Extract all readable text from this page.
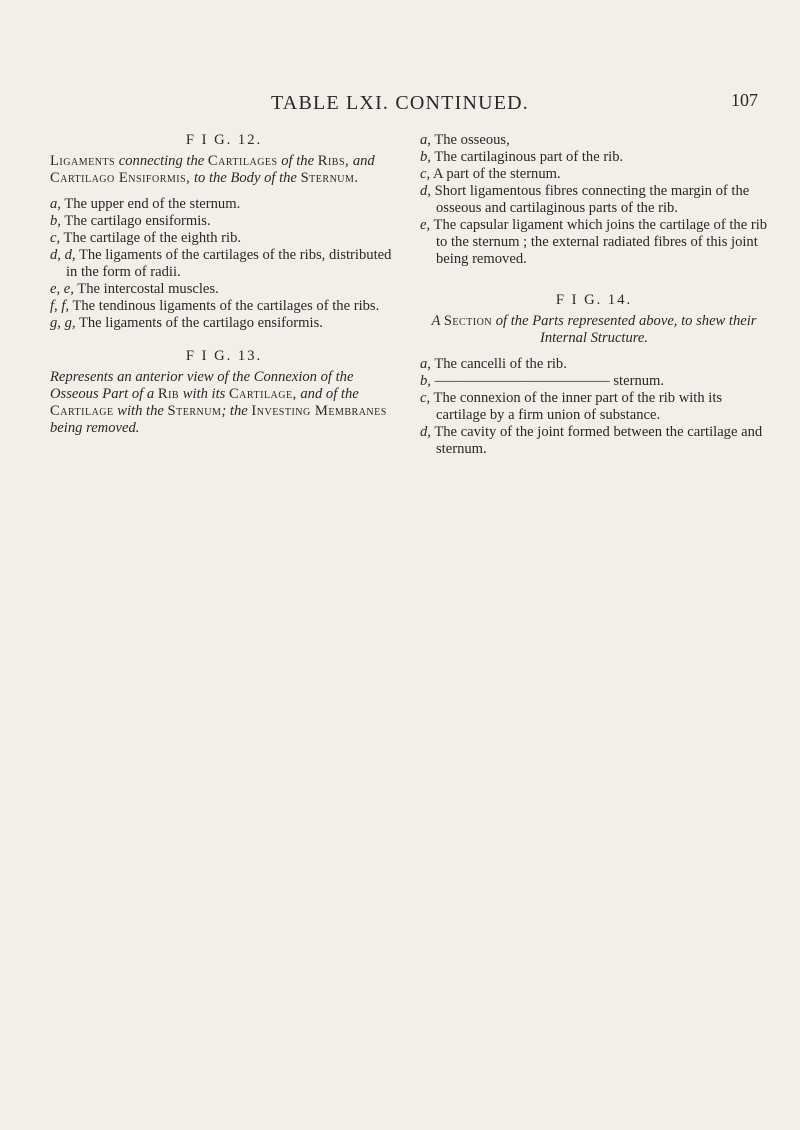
TABLE LXI. CONTINUED.	107
F I G. 12.

Ligaments connecting the Cartilages of the Ribs, and Cartilago Ensiformis, to the Body of the Sternum.

a, The upper end of the sternum.

b, The cartilago ensiformis.

c, The cartilage of the eighth rib.

d, d, The ligaments of the cartilages of the ribs, distributed in the form of radii.

e, e, The intercostal muscles.

f, f, The tendinous ligaments of the cartilages of the ribs.

g, g, The ligaments of the cartilago ensiformis.

F I G. 13.

Represents an anterior view of the Connexion of the Osseous Part of a Rib with its Cartilage, and of the Cartilage with the Sternum; the Investing Membranes being removed.

a, The osseous,

b, The cartilaginous part of the rib.

c, A part of the sternum.

d, Short ligamentous fibres connecting the margin of the osseous and cartilaginous parts of the rib.

e, The capsular ligament which joins the cartilage of the rib to the sternum ; the external radiated fibres of this joint being removed.

F I G. 14.

A Section of the Parts represented above, to shew their Internal Structure.

a, The cancelli of the rib.

b, ———————————— sternum.

c, The connexion of the inner part of the rib with its cartilage by a firm union of substance.

d, The cavity of the joint formed between the cartilage and sternum.
